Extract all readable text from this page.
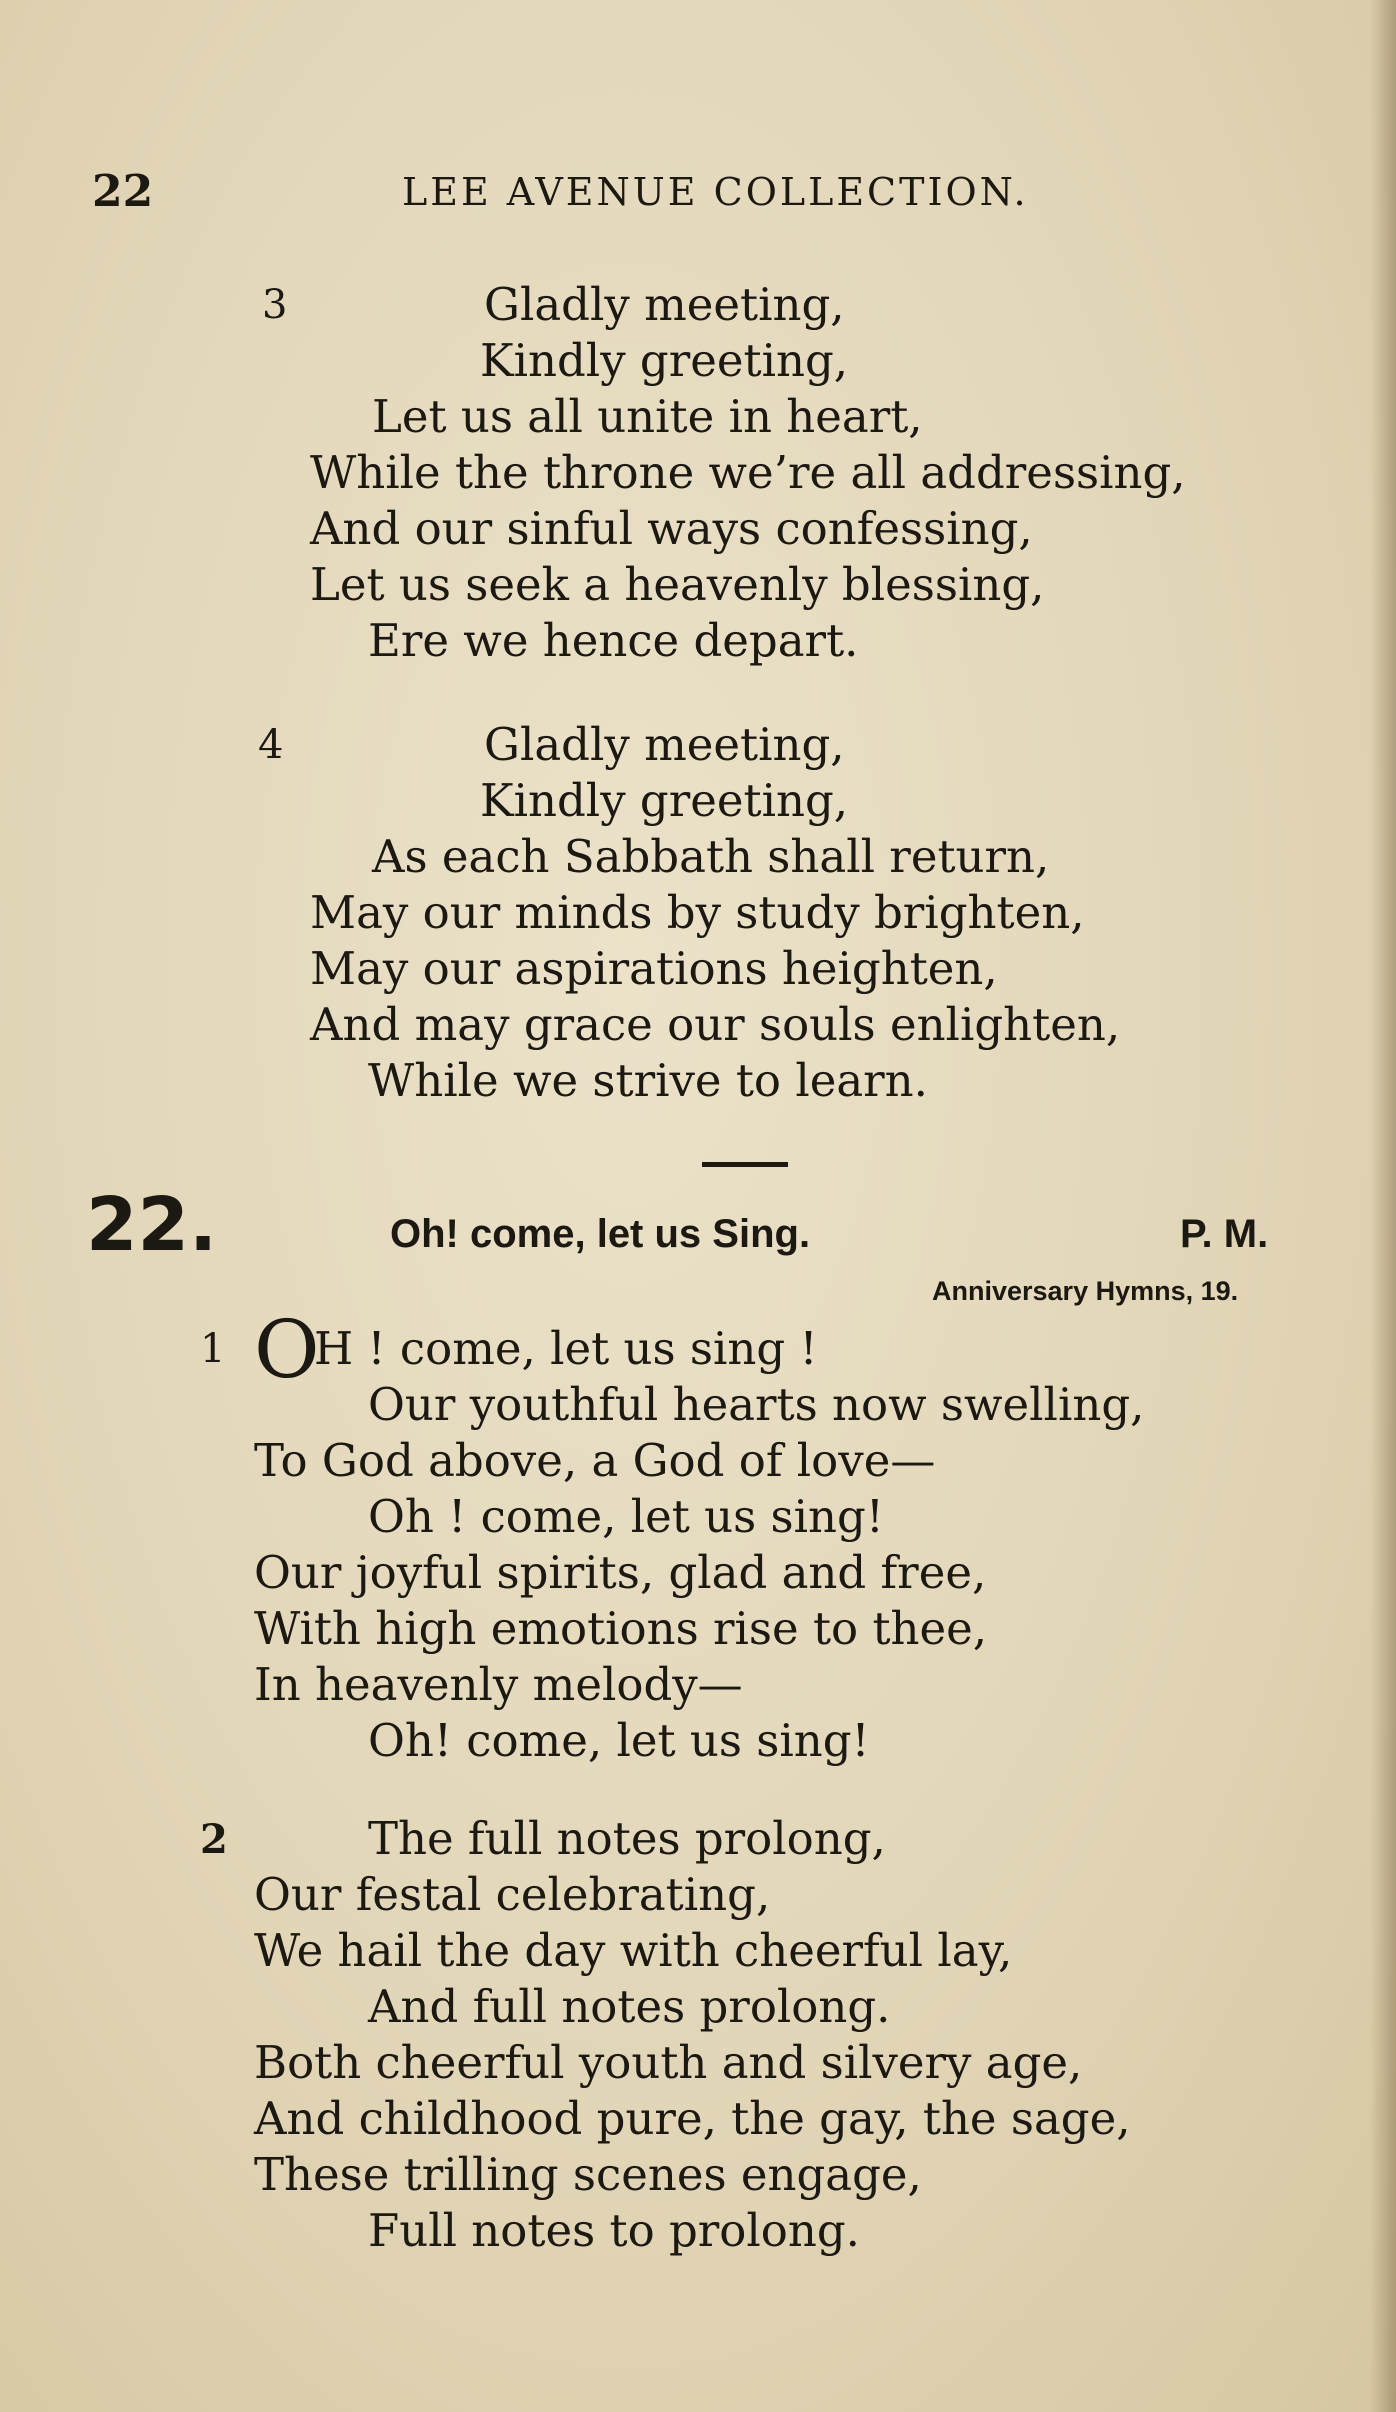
22	LEE AVENUE COLLECTION.
3	Gladly meeting,
Kindly greeting,
Let us all unite in heart,
While the throne we’re all addressing,
And our sinful ways confessing,
Let us seek a heavenly blessing,
Ere we hence depart.
4	Gladly meeting,
Kindly greeting,
As each Sabbath shall return,
May our minds by study brighten,
May our aspirations heighten,
And may grace our souls enlighten,
While we strive to learn.
22.	Oh! come, let us Sing.	P. M.
Anniversary Hymns, 19.
1 O
H ! come, let us sing !
Our youthful hearts now swelling,
To God above, a God of love—
Oh ! come, let us sing!
Our joyful spirits, glad and free,
With high emotions rise to thee,
In heavenly melody—
Oh! come, let us sing!
2	The full notes prolong,
Our festal celebrating,
We hail the day with cheerful lay,
And full notes prolong.
Both cheerful youth and silvery age,
And childhood pure, the gay, the sage,
These trilling scenes engage,
Full notes to prolong.
